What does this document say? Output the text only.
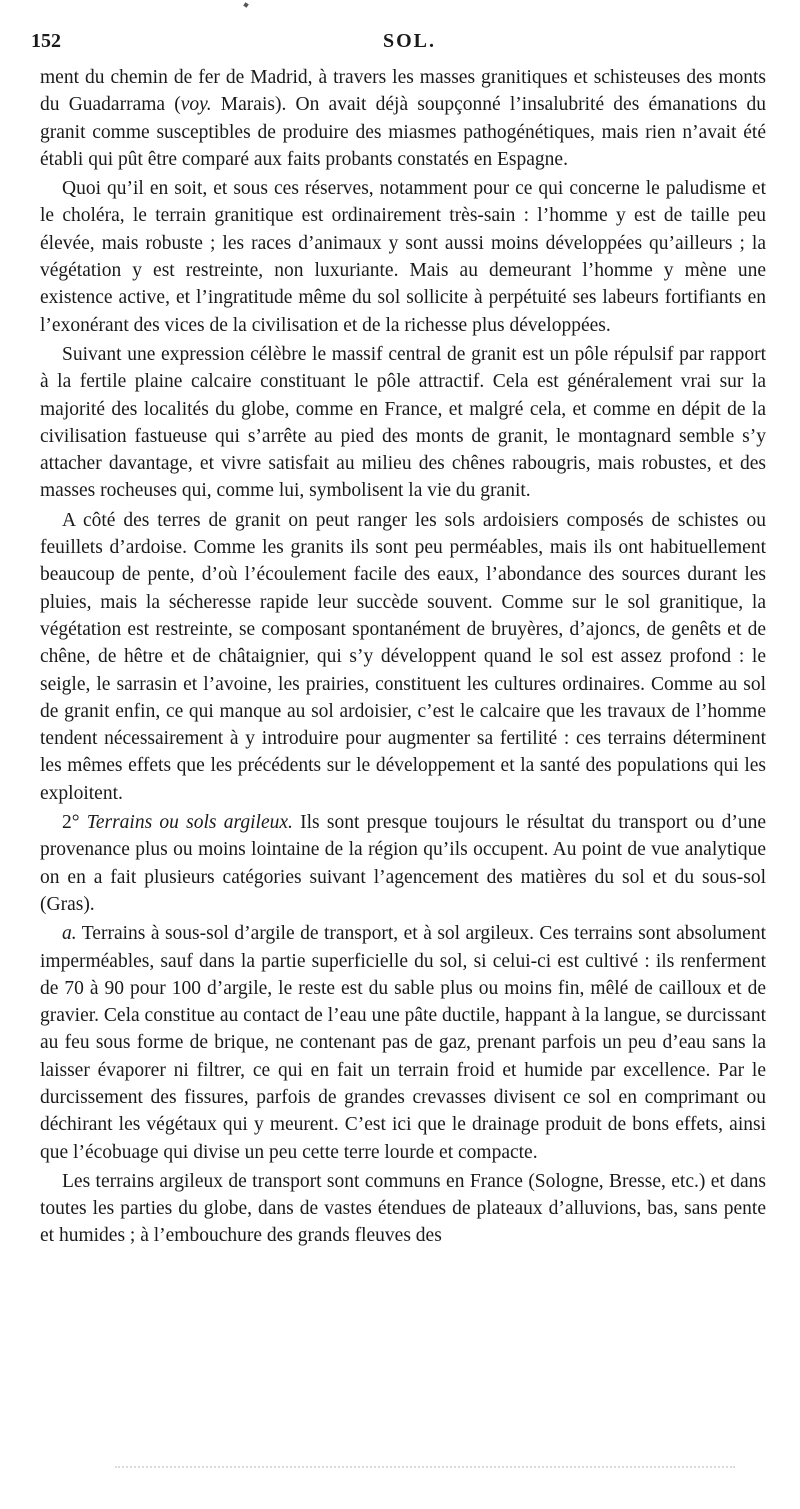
152	SOL.

ment du chemin de fer de Madrid, à travers les masses granitiques et schisteuses des monts du Guadarrama (voy. Marais). On avait déjà soupçonné l’insalubrité des émanations du granit comme susceptibles de produire des miasmes pathogénétiques, mais rien n’avait été établi qui pût être comparé aux faits probants constatés en Espagne.

Quoi qu’il en soit, et sous ces réserves, notamment pour ce qui concerne le paludisme et le choléra, le terrain granitique est ordinairement très-sain : l’homme y est de taille peu élevée, mais robuste ; les races d’animaux y sont aussi moins développées qu’ailleurs ; la végétation y est restreinte, non luxuriante. Mais au demeurant l’homme y mène une existence active, et l’ingratitude même du sol sollicite à perpétuité ses labeurs fortifiants en l’exonérant des vices de la civilisation et de la richesse plus développées.

Suivant une expression célèbre le massif central de granit est un pôle répulsif par rapport à la fertile plaine calcaire constituant le pôle attractif. Cela est généralement vrai sur la majorité des localités du globe, comme en France, et malgré cela, et comme en dépit de la civilisation fastueuse qui s’arrête au pied des monts de granit, le montagnard semble s’y attacher davantage, et vivre satisfait au milieu des chênes rabougris, mais robustes, et des masses rocheuses qui, comme lui, symbolisent la vie du granit.

A côté des terres de granit on peut ranger les sols ardoisiers composés de schistes ou feuillets d’ardoise. Comme les granits ils sont peu perméables, mais ils ont habituellement beaucoup de pente, d’où l’écoulement facile des eaux, l’abondance des sources durant les pluies, mais la sécheresse rapide leur succède souvent. Comme sur le sol granitique, la végétation est restreinte, se composant spontanément de bruyères, d’ajoncs, de genêts et de chêne, de hêtre et de châtaignier, qui s’y développent quand le sol est assez profond : le seigle, le sarrasin et l’avoine, les prairies, constituent les cultures ordinaires. Comme au sol de granit enfin, ce qui manque au sol ardoisier, c’est le calcaire que les travaux de l’homme tendent nécessairement à y introduire pour augmenter sa fertilité : ces terrains déterminent les mêmes effets que les précédents sur le développement et la santé des populations qui les exploitent.

2° Terrains ou sols argileux. Ils sont presque toujours le résultat du transport ou d’une provenance plus ou moins lointaine de la région qu’ils occupent. Au point de vue analytique on en a fait plusieurs catégories suivant l’agencement des matières du sol et du sous-sol (Gras).

a. Terrains à sous-sol d’argile de transport, et à sol argileux. Ces terrains sont absolument imperméables, sauf dans la partie superficielle du sol, si celui-ci est cultivé : ils renferment de 70 à 90 pour 100 d’argile, le reste est du sable plus ou moins fin, mêlé de cailloux et de gravier. Cela constitue au contact de l’eau une pâte ductile, happant à la langue, se durcissant au feu sous forme de brique, ne contenant pas de gaz, prenant parfois un peu d’eau sans la laisser évaporer ni filtrer, ce qui en fait un terrain froid et humide par excellence. Par le durcissement des fissures, parfois de grandes crevasses divisent ce sol en comprimant ou déchirant les végétaux qui y meurent. C’est ici que le drainage produit de bons effets, ainsi que l’écobuage qui divise un peu cette terre lourde et compacte.

Les terrains argileux de transport sont communs en France (Sologne, Bresse, etc.) et dans toutes les parties du globe, dans de vastes étendues de plateaux d’alluvions, bas, sans pente et humides ; à l’embouchure des grands fleuves des
